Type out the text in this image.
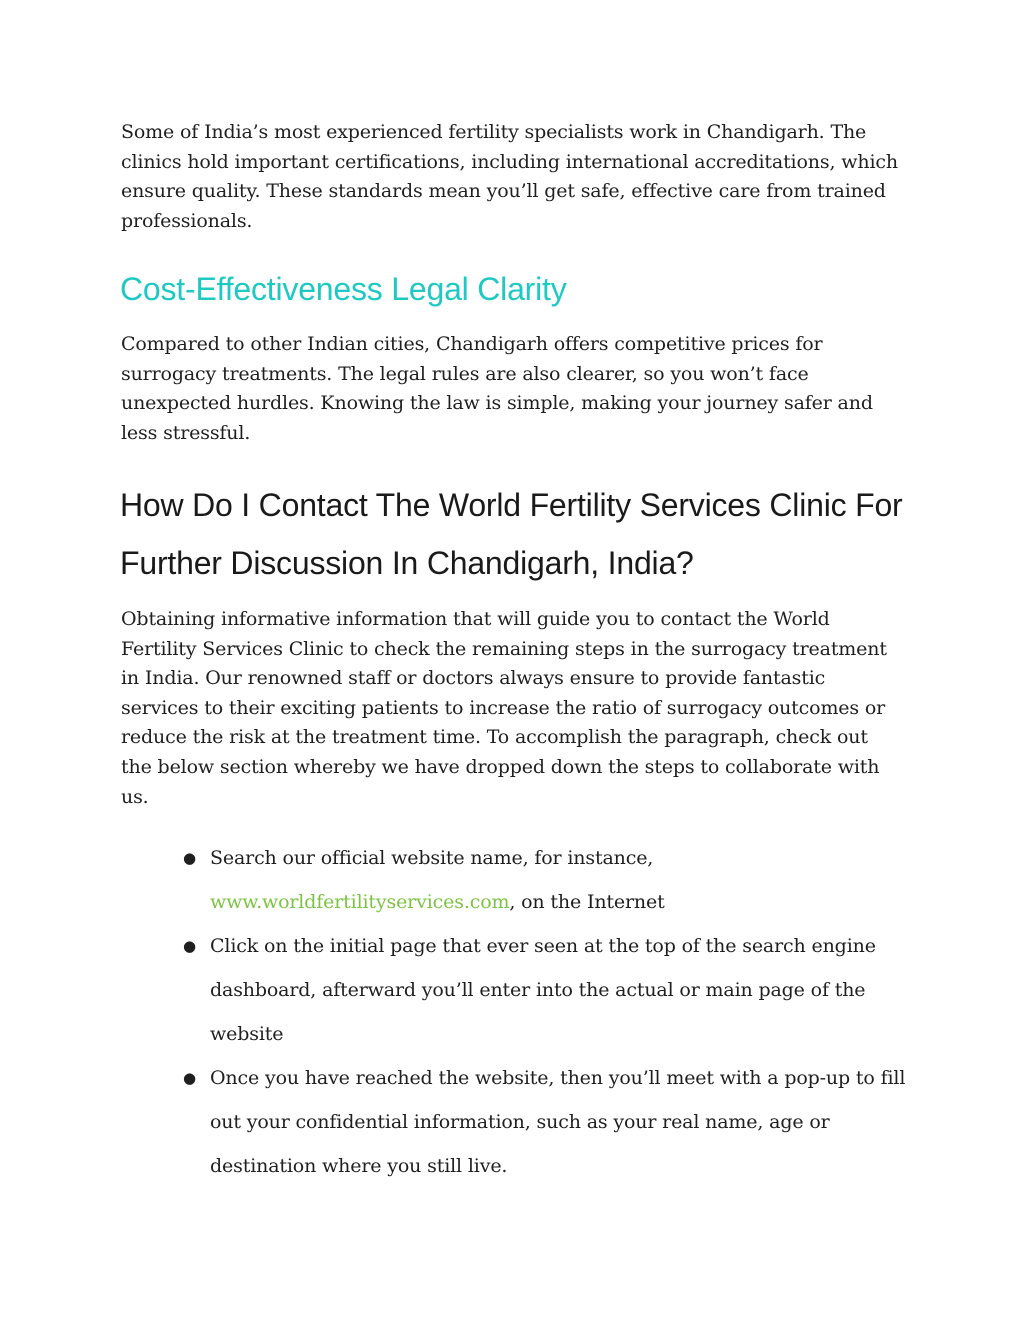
Some of India’s most experienced fertility specialists work in Chandigarh. The clinics hold important certifications, including international accreditations, which ensure quality. These standards mean you’ll get safe, effective care from trained professionals.

Cost-Effectiveness Legal Clarity

Compared to other Indian cities, Chandigarh offers competitive prices for surrogacy treatments. The legal rules are also clearer, so you won’t face unexpected hurdles. Knowing the law is simple, making your journey safer and less stressful.

How Do I Contact The World Fertility Services Clinic For Further Discussion In Chandigarh, India?

Obtaining informative information that will guide you to contact the World Fertility Services Clinic to check the remaining steps in the surrogacy treatment in India. Our renowned staff or doctors always ensure to provide fantastic services to their exciting patients to increase the ratio of surrogacy outcomes or reduce the risk at the treatment time. To accomplish the paragraph, check out the below section whereby we have dropped down the steps to collaborate with us.

● Search our official website name, for instance,
www.worldfertilityservices.com, on the Internet
● Click on the initial page that ever seen at the top of the search engine dashboard, afterward you’ll enter into the actual or main page of the website
● Once you have reached the website, then you’ll meet with a pop-up to fill out your confidential information, such as your real name, age or destination where you still live.
